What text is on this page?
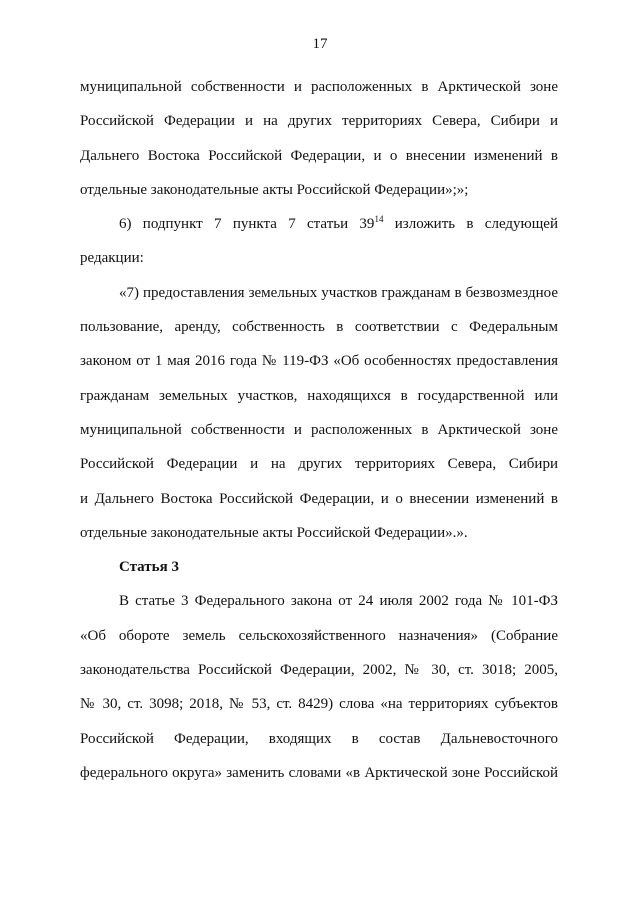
17
муниципальной собственности и расположенных в Арктической зоне
Российской Федерации и на других территориях Севера, Сибири и
Дальнего Востока Российской Федерации, и о внесении изменений в
отдельные законодательные акты Российской Федерации»;»;
6) подпункт 7 пункта 7 статьи $39^{14}$ изложить в следующей
редакции:
«7) предоставления земельных участков гражданам в безвозмездное
пользование, аренду, собственность в соответствии с Федеральным
законом от 1 мая 2016 года № 119-ФЗ «Об особенностях предоставления
гражданам земельных участков, находящихся в государственной или
муниципальной собственности и расположенных в Арктической зоне
Российской Федерации и на других территориях Севера, Сибири
и Дальнего Востока Российской Федерации, и о внесении изменений в
отдельные законодательные акты Российской Федерации».».
Статья 3
В статье 3 Федерального закона от 24 июля 2002 года № 101-ФЗ
«Об обороте земель сельскохозяйственного назначения» (Собрание
законодательства Российской Федерации, 2002, № 30, ст. 3018; 2005,
№ 30, ст. 3098; 2018, № 53, ст. 8429) слова «на территориях субъектов
Российской Федерации, входящих в состав Дальневосточного
федерального округа» заменить словами «в Арктической зоне Российской
